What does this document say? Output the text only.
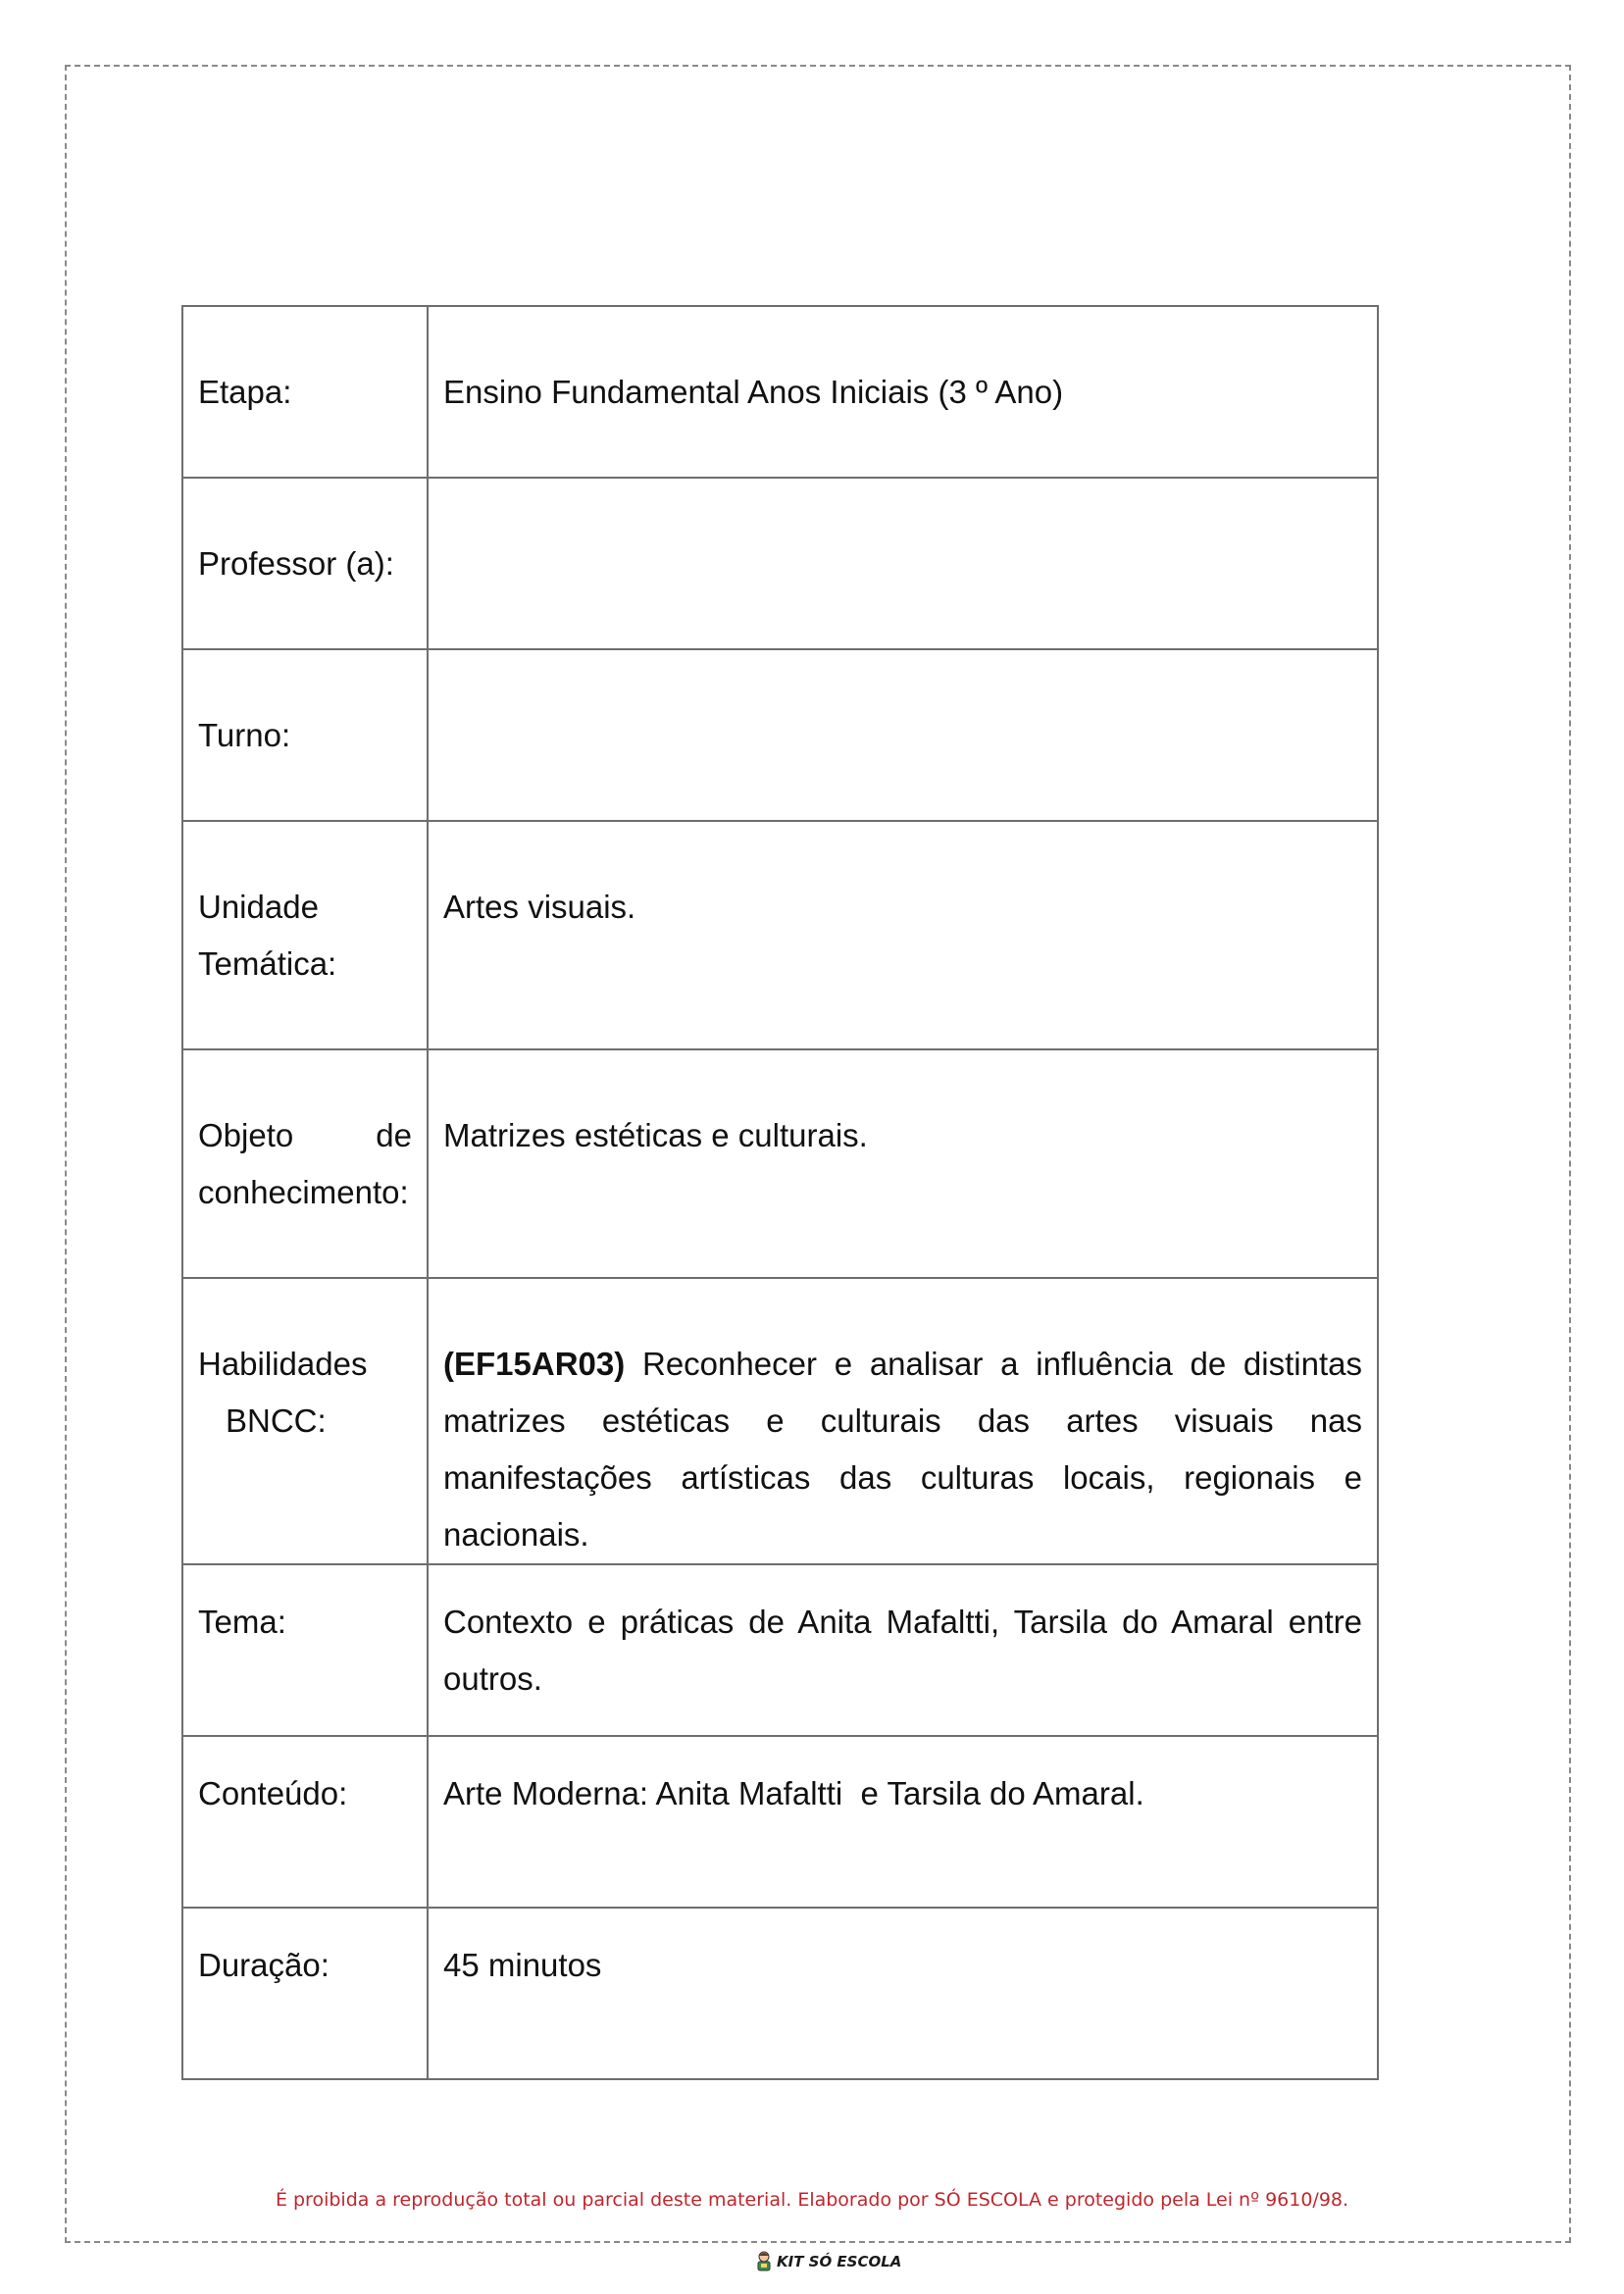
Etapa:	Ensino Fundamental Anos Iniciais (3 º Ano)

Professor (a):	

Turno:	

Unidade
Temática:	Artes visuais.

Objeto de
conhecimento:	Matrizes estéticas e culturais.

Habilidades
BNCC:	(EF15AR03) Reconhecer e analisar a influência de distintas
matrizes estéticas e culturais das artes visuais nas
manifestações artísticas das culturas locais, regionais e
nacionais.

Tema:	Contexto e práticas de Anita Mafaltti, Tarsila do Amaral entre
outros.

Conteúdo:	Arte Moderna: Anita Mafaltti  e Tarsila do Amaral.

Duração:	45 minutos
É proibida a reprodução total ou parcial deste material. Elaborado por SÓ ESCOLA e protegido pela Lei nº 9610/98.
KIT SÓ ESCOLA
